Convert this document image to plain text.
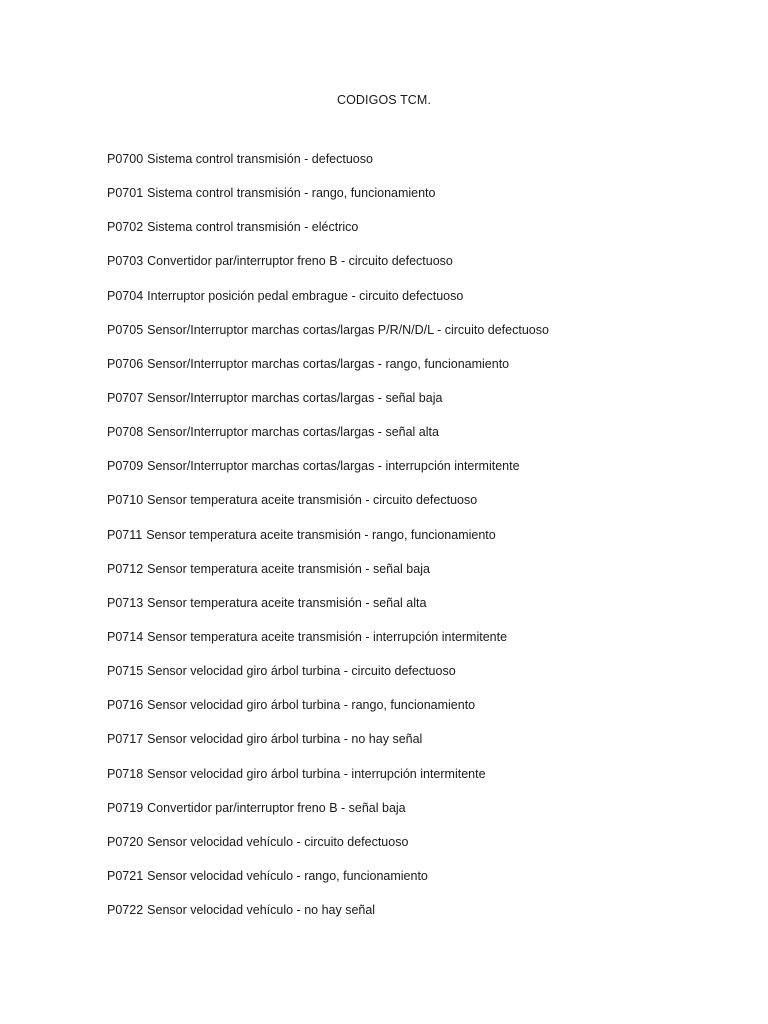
CODIGOS TCM.
P0700 Sistema control transmisión - defectuoso
P0701 Sistema control transmisión - rango, funcionamiento
P0702 Sistema control transmisión - eléctrico
P0703 Convertidor par/interruptor freno B - circuito defectuoso
P0704 Interruptor posición pedal embrague - circuito defectuoso
P0705 Sensor/Interruptor marchas cortas/largas P/R/N/D/L - circuito defectuoso
P0706 Sensor/Interruptor marchas cortas/largas - rango, funcionamiento
P0707 Sensor/Interruptor marchas cortas/largas - señal baja
P0708 Sensor/Interruptor marchas cortas/largas - señal alta
P0709 Sensor/Interruptor marchas cortas/largas - interrupción intermitente
P0710 Sensor temperatura aceite transmisión - circuito defectuoso
P0711 Sensor temperatura aceite transmisión - rango, funcionamiento
P0712 Sensor temperatura aceite transmisión - señal baja
P0713 Sensor temperatura aceite transmisión - señal alta
P0714 Sensor temperatura aceite transmisión - interrupción intermitente
P0715 Sensor velocidad giro árbol turbina - circuito defectuoso
P0716 Sensor velocidad giro árbol turbina - rango, funcionamiento
P0717 Sensor velocidad giro árbol turbina - no hay señal
P0718 Sensor velocidad giro árbol turbina - interrupción intermitente
P0719 Convertidor par/interruptor freno B - señal baja
P0720 Sensor velocidad vehículo - circuito defectuoso
P0721 Sensor velocidad vehículo - rango, funcionamiento
P0722 Sensor velocidad vehículo - no hay señal
